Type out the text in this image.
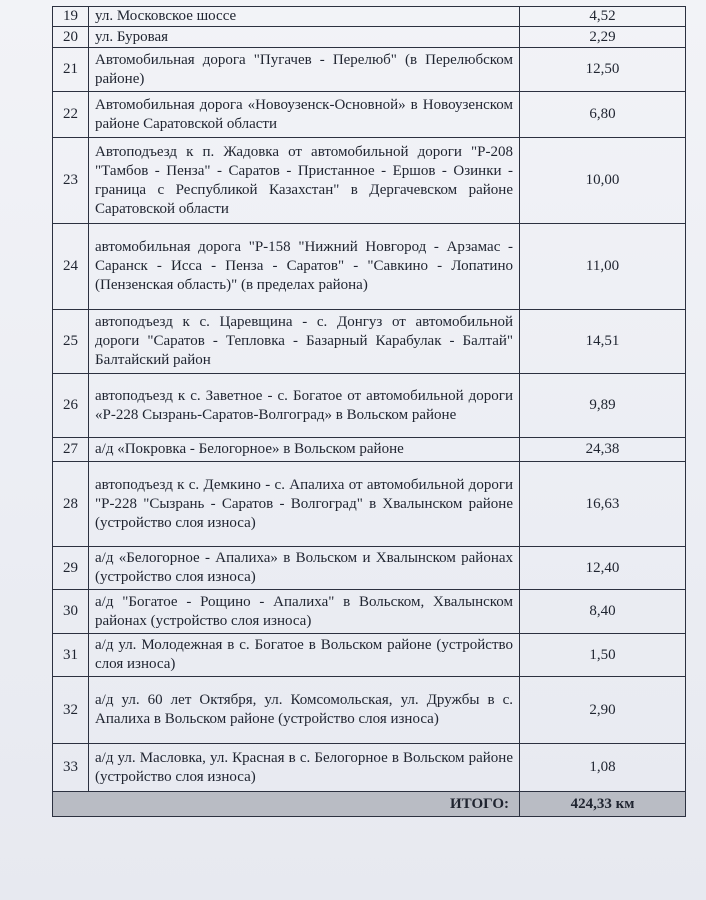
19	ул. Московское шоссе	4,52
20	ул. Буровая	2,29
21	Автомобильная дорога "Пугачев - Перелюб" (в Перелюбском районе)	12,50
22	Автомобильная дорога «Новоузенск-Основной» в Новоузенском районе Саратовской области	6,80
23	Автоподъезд к п. Жадовка от автомобильной дороги "Р-208 "Тамбов - Пенза" - Саратов - Пристанное - Ершов - Озинки - граница с Республикой Казахстан" в Дергачевском районе Саратовской области	10,00
24	автомобильная дорога "Р-158 "Нижний Новгород - Арзамас - Саранск - Исса - Пенза - Саратов" - "Савкино - Лопатино (Пензенская область)" (в пределах района)	11,00
25	автоподъезд к с. Царевщина - с. Донгуз от автомобильной дороги "Саратов - Тепловка - Базарный Карабулак - Балтай" Балтайский район	14,51
26	автоподъезд к с. Заветное - с. Богатое от автомобильной дороги «Р-228 Сызрань-Саратов-Волгоград» в Вольском районе	9,89
27	а/д «Покровка - Белогорное» в Вольском районе	24,38
28	автоподъезд к с. Демкино - с. Апалиха от автомобильной дороги "Р-228 "Сызрань - Саратов - Волгоград" в Хвалынском районе (устройство слоя износа)	16,63
29	а/д «Белогорное - Апалиха» в Вольском и Хвалынском районах (устройство слоя износа)	12,40
30	а/д "Богатое - Рощино - Апалиха" в Вольском, Хвалынском районах (устройство слоя износа)	8,40
31	а/д ул. Молодежная в с. Богатое в Вольском районе (устройство слоя износа)	1,50
32	а/д ул. 60 лет Октября, ул. Комсомольская, ул. Дружбы в с. Апалиха в Вольском районе (устройство слоя износа)	2,90
33	а/д ул. Масловка, ул. Красная в с. Белогорное в Вольском районе (устройство слоя износа)	1,08
ИТОГО:		424,33 км
